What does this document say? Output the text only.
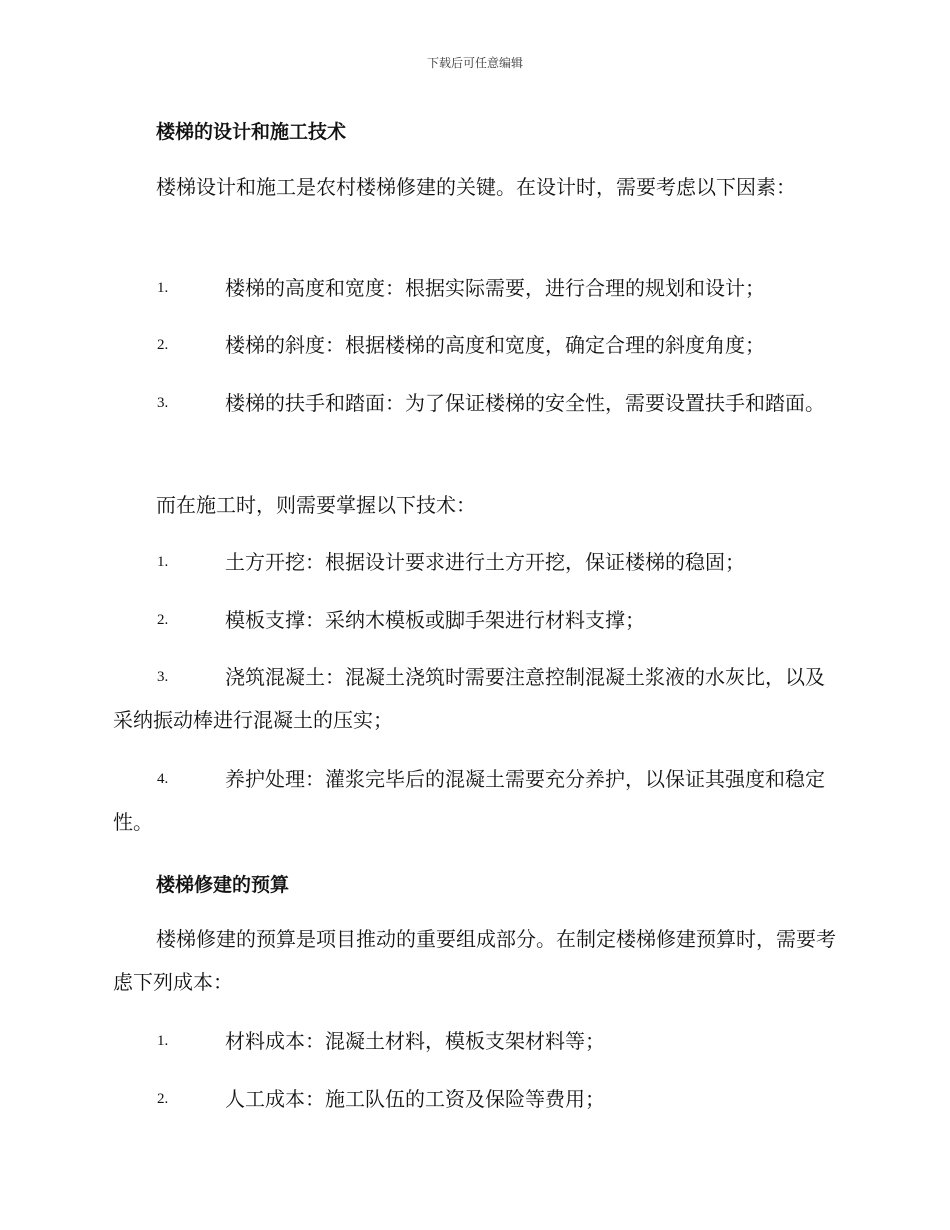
下载后可任意编辑
楼梯的设计和施工技术
楼梯设计和施工是农村楼梯修建的关键。在设计时，需要考虑以下因素：
1.	楼梯的高度和宽度：根据实际需要，进行合理的规划和设计；
2.	楼梯的斜度：根据楼梯的高度和宽度，确定合理的斜度角度；
3.	楼梯的扶手和踏面：为了保证楼梯的安全性，需要设置扶手和踏面。
而在施工时，则需要掌握以下技术：
1.	土方开挖：根据设计要求进行土方开挖，保证楼梯的稳固；
2.	模板支撑：采纳木模板或脚手架进行材料支撑；
3.	浇筑混凝土：混凝土浇筑时需要注意控制混凝土浆液的水灰比，以及采纳振动棒进行混凝土的压实；
4.	养护处理：灌浆完毕后的混凝土需要充分养护，以保证其强度和稳定性。
楼梯修建的预算
楼梯修建的预算是项目推动的重要组成部分。在制定楼梯修建预算时，需要考虑下列成本：
1.	材料成本：混凝土材料，模板支架材料等；
2.	人工成本：施工队伍的工资及保险等费用；
